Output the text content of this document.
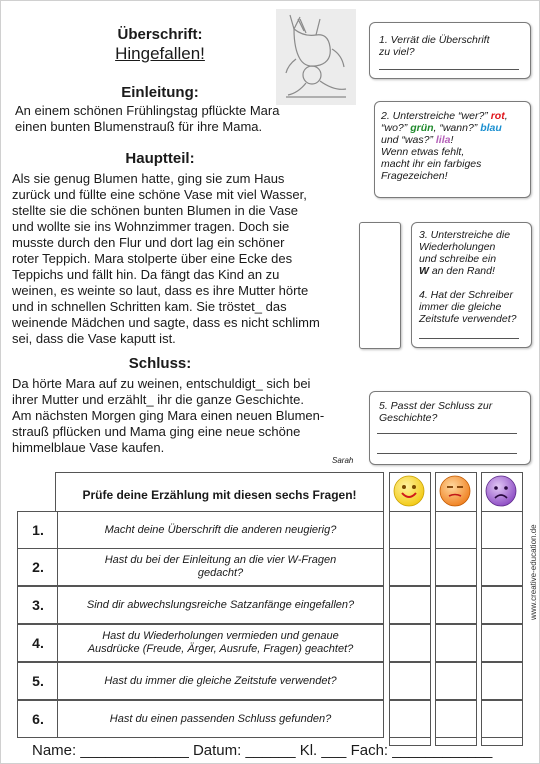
Überschrift:
Hingefallen!
Einleitung:
An einem schönen Frühlingstag pflückte Mara
einen bunten Blumenstrauß für ihre Mama.
Hauptteil:
Als sie genug Blumen hatte, ging sie zum Haus
zurück und füllte eine schöne Vase mit viel Wasser,
stellte sie die schönen bunten Blumen in die Vase
und wollte sie ins Wohnzimmer tragen. Doch sie
musste durch den Flur und dort lag ein schöner
roter Teppich. Mara stolperte über eine Ecke des
Teppichs und fällt hin. Da fängt das Kind an zu
weinen, es weinte so laut, dass es ihre Mutter hörte
und in schnellen Schritten kam. Sie tröstet_ das
weinende Mädchen und sagte, dass es nicht schlimm
sei, dass die Vase kaputt ist.
Schluss:
Da hörte Mara auf zu weinen, entschuldigt_ sich bei
ihrer Mutter und erzählt_ ihr die ganze Geschichte.
Am nächsten Morgen ging Mara einen neuen Blumen-
strauß pflücken und Mama ging eine neue schöne
himmelblaue Vase kaufen.
Sarah
1. Verrät die Überschrift
zu viel?
2. Unterstreiche “wer?” rot,
“wo?” grün, “wann?” blau
und “was?” lila!
Wenn etwas fehlt,
macht ihr ein farbiges
Fragezeichen!
3. Unterstreiche die
Wiederholungen
und schreibe ein
W an den Rand!
4. Hat der Schreiber
immer die gleiche
Zeitstufe verwendet?
5. Passt der Schluss zur
Geschichte?
Prüfe deine Erzählung mit diesen sechs Fragen!
1.	Macht deine Überschrift die anderen neugierig?
2.	Hast du bei der Einleitung an die vier W-Fragen
gedacht?
3.	Sind dir abwechslungsreiche Satzanfänge eingefallen?
4.	Hast du Wiederholungen vermieden und genaue
Ausdrücke (Freude, Ärger, Ausrufe, Fragen) geachtet?
5.	Hast du immer die gleiche Zeitstufe verwendet?
6.	Hast du einen passenden Schluss gefunden?
Name: _____________ Datum: ______ Kl. ___ Fach: ____________
www.creative-education.de
